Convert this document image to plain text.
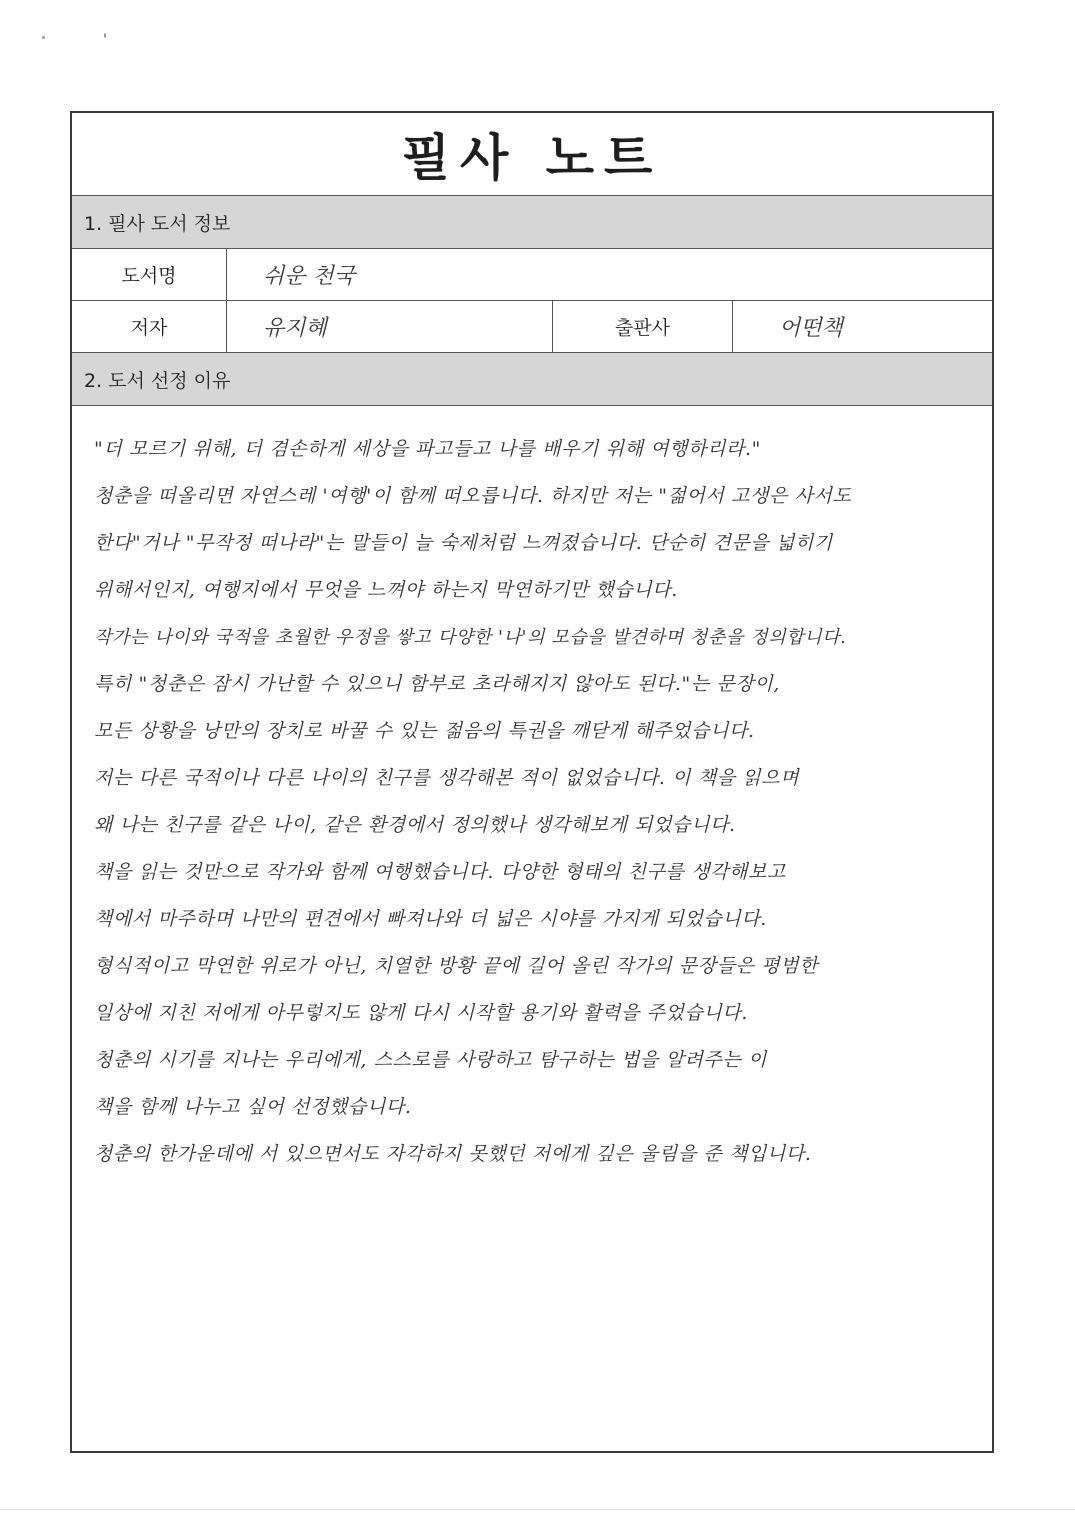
필사 노트
1. 필사 도서 정보
도서명	쉬운 천국
저자	유지혜	출판사	어떤책
2. 도서 선정 이유
"더 모르기 위해, 더 겸손하게 세상을 파고들고 나를 배우기 위해 여행하리라."
청춘을 떠올리면 자연스레 '여행'이 함께 떠오릅니다. 하지만 저는 "젊어서 고생은 사서도
한다"거나 "무작정 떠나라"는 말들이 늘 숙제처럼 느껴졌습니다. 단순히 견문을 넓히기
위해서인지, 여행지에서 무엇을 느껴야 하는지 막연하기만 했습니다.
작가는 나이와 국적을 초월한 우정을 쌓고 다양한 '나'의 모습을 발견하며 청춘을 정의합니다.
특히 "청춘은 잠시 가난할 수 있으니 함부로 초라해지지 않아도 된다."는 문장이,
모든 상황을 낭만의 장치로 바꿀 수 있는 젊음의 특권을 깨닫게 해주었습니다.
저는 다른 국적이나 다른 나이의 친구를 생각해본 적이 없었습니다. 이 책을 읽으며
왜 나는 친구를 같은 나이, 같은 환경에서 정의했나 생각해보게 되었습니다.
책을 읽는 것만으로 작가와 함께 여행했습니다. 다양한 형태의 친구를 생각해보고
책에서 마주하며 나만의 편견에서 빠져나와 더 넓은 시야를 가지게 되었습니다.
형식적이고 막연한 위로가 아닌, 치열한 방황 끝에 길어 올린 작가의 문장들은 평범한
일상에 지친 저에게 아무렇지도 않게 다시 시작할 용기와 활력을 주었습니다.
청춘의 시기를 지나는 우리에게, 스스로를 사랑하고 탐구하는 법을 알려주는 이
책을 함께 나누고 싶어 선정했습니다.
청춘의 한가운데에 서 있으면서도 자각하지 못했던 저에게 깊은 울림을 준 책입니다.
